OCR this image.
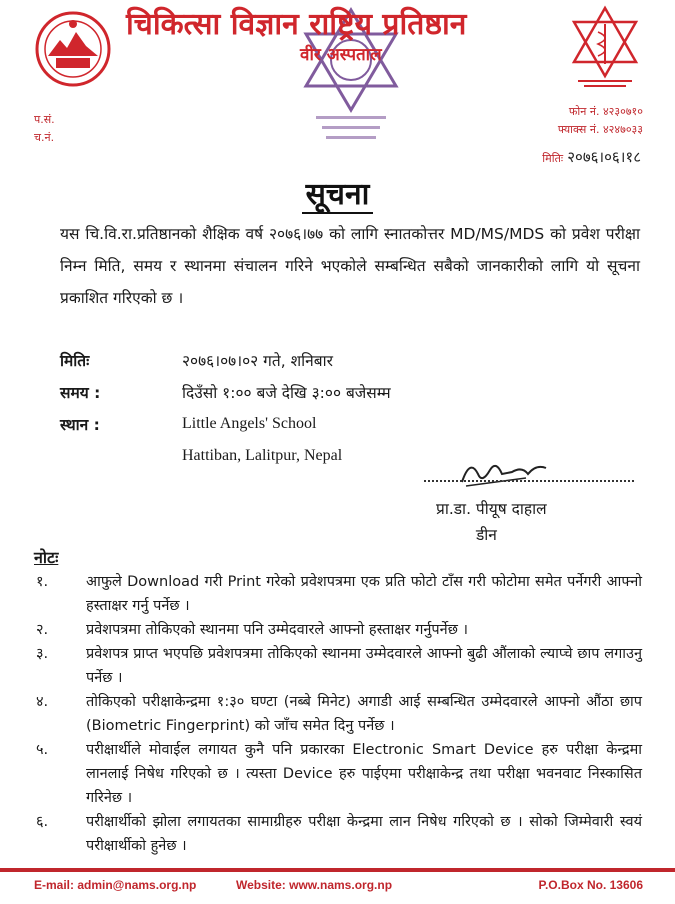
चिकित्सा विज्ञान राष्ट्रिय प्रतिष्ठान
वीर अस्पताल
प.सं.
च.नं.
फोन नं. ४२३०७१०
फ्याक्स नं. ४२४७०३३
मितिः २०७६।०६।१८
सूचना
यस चि.वि.रा.प्रतिष्ठानको शैक्षिक वर्ष २०७६।७७ को लागि स्नातकोत्तर MD/MS/MDS को प्रवेश परीक्षा निम्न मिति, समय र स्थानमा संचालन गरिने भएकोले सम्बन्धित सबैको जानकारीको लागि यो सूचना प्रकाशित गरिएको छ ।
मितिः	२०७६।०७।०२ गते, शनिबार
समय :	दिउँसो १:०० बजे देखि ३:०० बजेसम्म
स्थान :	Little Angels' School
Hattiban, Lalitpur, Nepal
प्रा.डा. पीयूष दाहाल
डीन
नोटः
१.	आफुले Download गरी Print गरेको प्रवेशपत्रमा एक प्रति फोटो टाँस गरी फोटोमा समेत पर्नेगरी आफ्नो हस्ताक्षर गर्नु पर्नेछ ।
२.	प्रवेशपत्रमा तोकिएको स्थानमा पनि उम्मेदवारले आफ्नो हस्ताक्षर गर्नुपर्नेछ ।
३.	प्रवेशपत्र प्राप्त भएपछि प्रवेशपत्रमा तोकिएको स्थानमा उम्मेदवारले आफ्नो बुढी औंलाको ल्याप्चे छाप लगाउनु पर्नेछ ।
४.	तोकिएको परीक्षाकेन्द्रमा १:३० घण्टा (नब्बे मिनेट) अगाडी आई सम्बन्धित उम्मेदवारले आफ्नो औंठा छाप (Biometric Fingerprint) को जाँच समेत दिनु पर्नेछ ।
५.	परीक्षार्थीले मोवाईल लगायत कुनै पनि प्रकारका Electronic Smart Device हरु परीक्षा केन्द्रमा लानलाई निषेध गरिएको छ । त्यस्ता Device हरु पाईएमा परीक्षाकेन्द्र तथा परीक्षा भवनवाट निस्कासित गरिनेछ ।
६.	परीक्षार्थीको झोला लगायतका सामाग्रीहरु परीक्षा केन्द्रमा लान निषेध गरिएको छ । सोको जिम्मेवारी स्वयं परीक्षार्थीको हुनेछ ।
E-mail: admin@nams.org.np	Website: www.nams.org.np	P.O.Box No. 13606
